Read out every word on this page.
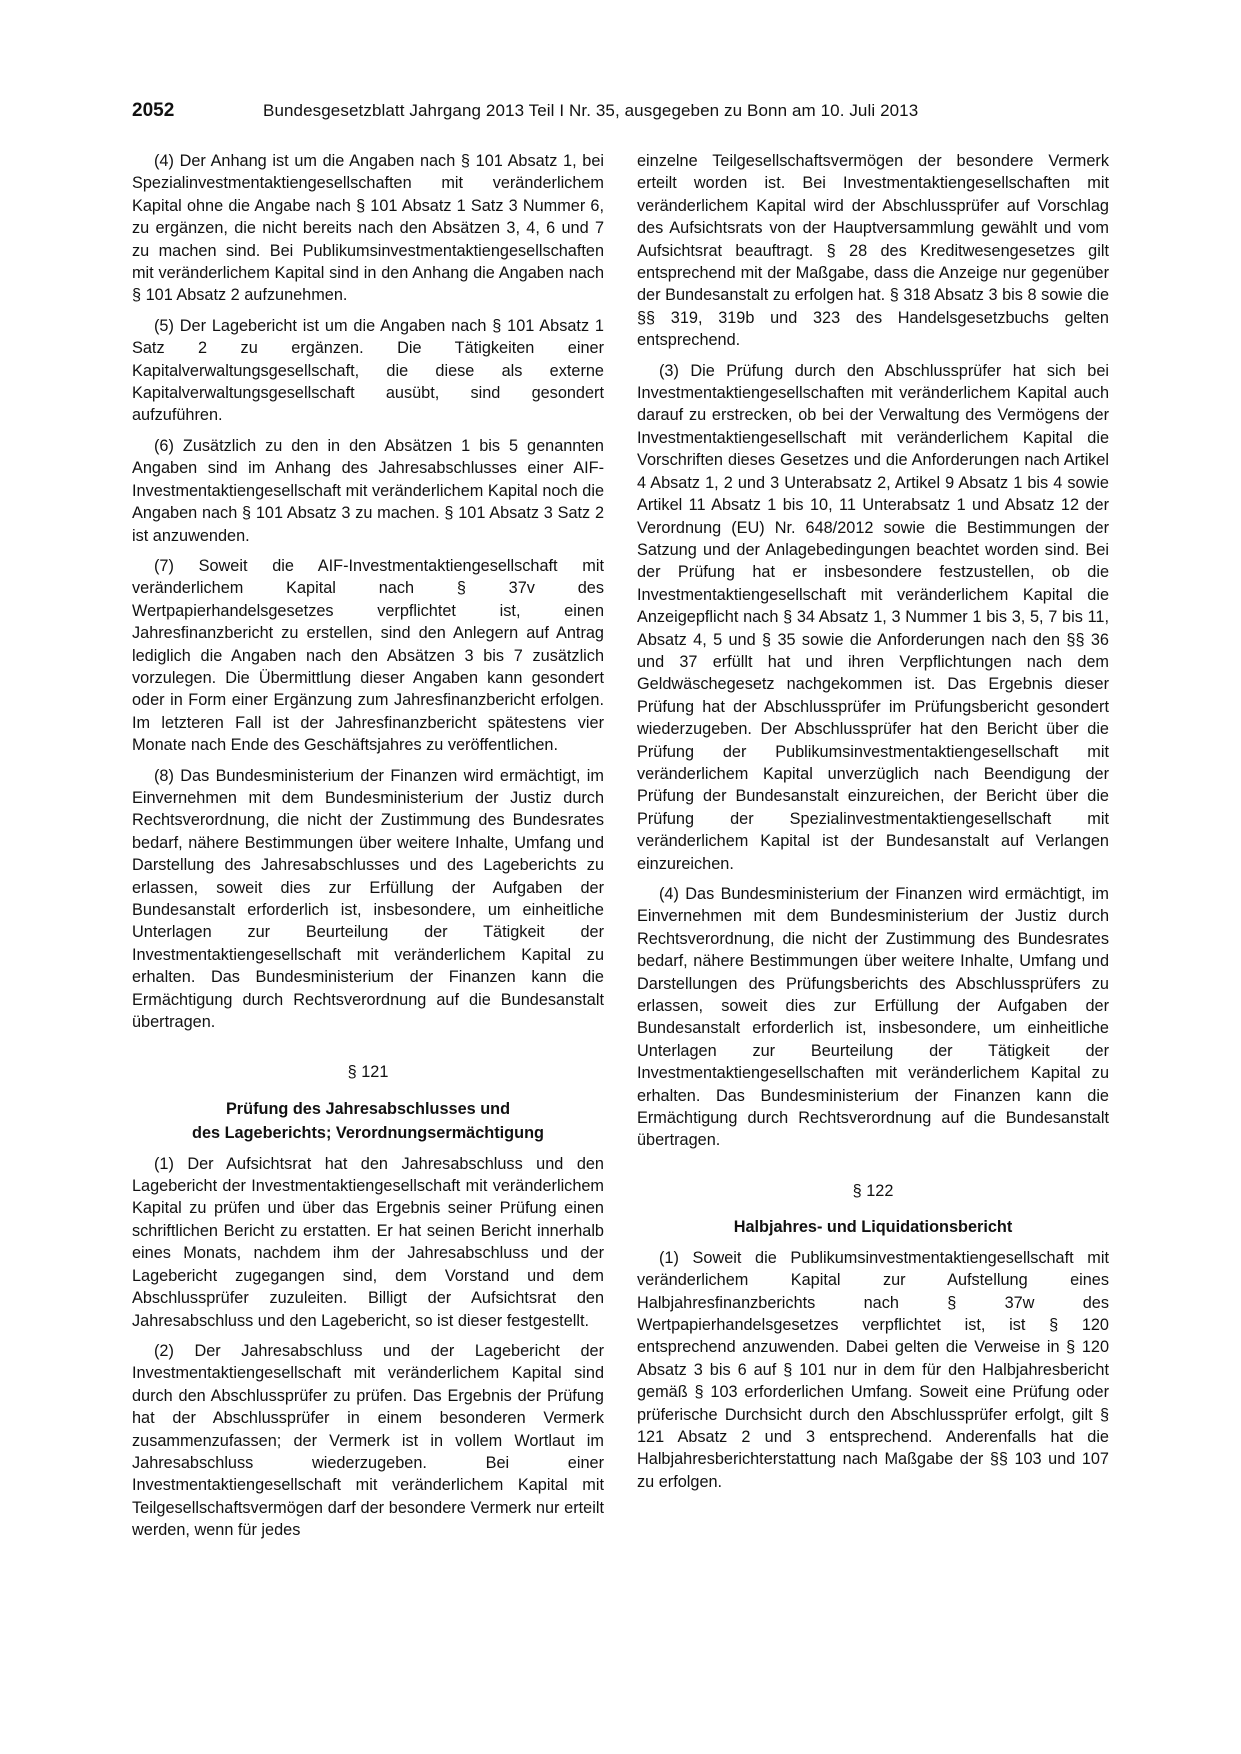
2052	Bundesgesetzblatt Jahrgang 2013 Teil I Nr. 35, ausgegeben zu Bonn am 10. Juli 2013

(4) Der Anhang ist um die Angaben nach § 101 Absatz 1, bei Spezialinvestmentaktiengesellschaften mit veränderlichem Kapital ohne die Angabe nach § 101 Absatz 1 Satz 3 Nummer 6, zu ergänzen, die nicht bereits nach den Absätzen 3, 4, 6 und 7 zu machen sind. Bei Publikumsinvestmentaktiengesellschaften mit veränderlichem Kapital sind in den Anhang die Angaben nach § 101 Absatz 2 aufzunehmen.

(5) Der Lagebericht ist um die Angaben nach § 101 Absatz 1 Satz 2 zu ergänzen. Die Tätigkeiten einer Kapitalverwaltungsgesellschaft, die diese als externe Kapitalverwaltungsgesellschaft ausübt, sind gesondert aufzuführen.

(6) Zusätzlich zu den in den Absätzen 1 bis 5 genannten Angaben sind im Anhang des Jahresabschlusses einer AIF-Investmentaktiengesellschaft mit veränderlichem Kapital noch die Angaben nach § 101 Absatz 3 zu machen. § 101 Absatz 3 Satz 2 ist anzuwenden.

(7) Soweit die AIF-Investmentaktiengesellschaft mit veränderlichem Kapital nach § 37v des Wertpapierhandelsgesetzes verpflichtet ist, einen Jahresfinanzbericht zu erstellen, sind den Anlegern auf Antrag lediglich die Angaben nach den Absätzen 3 bis 7 zusätzlich vorzulegen. Die Übermittlung dieser Angaben kann gesondert oder in Form einer Ergänzung zum Jahresfinanzbericht erfolgen. Im letzteren Fall ist der Jahresfinanzbericht spätestens vier Monate nach Ende des Geschäftsjahres zu veröffentlichen.

(8) Das Bundesministerium der Finanzen wird ermächtigt, im Einvernehmen mit dem Bundesministerium der Justiz durch Rechtsverordnung, die nicht der Zustimmung des Bundesrates bedarf, nähere Bestimmungen über weitere Inhalte, Umfang und Darstellung des Jahresabschlusses und des Lageberichts zu erlassen, soweit dies zur Erfüllung der Aufgaben der Bundesanstalt erforderlich ist, insbesondere, um einheitliche Unterlagen zur Beurteilung der Tätigkeit der Investmentaktiengesellschaft mit veränderlichem Kapital zu erhalten. Das Bundesministerium der Finanzen kann die Ermächtigung durch Rechtsverordnung auf die Bundesanstalt übertragen.

§ 121
Prüfung des Jahresabschlusses und
des Lageberichts; Verordnungsermächtigung

(1) Der Aufsichtsrat hat den Jahresabschluss und den Lagebericht der Investmentaktiengesellschaft mit veränderlichem Kapital zu prüfen und über das Ergebnis seiner Prüfung einen schriftlichen Bericht zu erstatten. Er hat seinen Bericht innerhalb eines Monats, nachdem ihm der Jahresabschluss und der Lagebericht zugegangen sind, dem Vorstand und dem Abschlussprüfer zuzuleiten. Billigt der Aufsichtsrat den Jahresabschluss und den Lagebericht, so ist dieser festgestellt.

(2) Der Jahresabschluss und der Lagebericht der Investmentaktiengesellschaft mit veränderlichem Kapital sind durch den Abschlussprüfer zu prüfen. Das Ergebnis der Prüfung hat der Abschlussprüfer in einem besonderen Vermerk zusammenzufassen; der Vermerk ist in vollem Wortlaut im Jahresabschluss wiederzugeben. Bei einer Investmentaktiengesellschaft mit veränderlichem Kapital mit Teilgesellschaftsvermögen darf der besondere Vermerk nur erteilt werden, wenn für jedes

einzelne Teilgesellschaftsvermögen der besondere Vermerk erteilt worden ist. Bei Investmentaktiengesellschaften mit veränderlichem Kapital wird der Abschlussprüfer auf Vorschlag des Aufsichtsrats von der Hauptversammlung gewählt und vom Aufsichtsrat beauftragt. § 28 des Kreditwesengesetzes gilt entsprechend mit der Maßgabe, dass die Anzeige nur gegenüber der Bundesanstalt zu erfolgen hat. § 318 Absatz 3 bis 8 sowie die §§ 319, 319b und 323 des Handelsgesetzbuchs gelten entsprechend.

(3) Die Prüfung durch den Abschlussprüfer hat sich bei Investmentaktiengesellschaften mit veränderlichem Kapital auch darauf zu erstrecken, ob bei der Verwaltung des Vermögens der Investmentaktiengesellschaft mit veränderlichem Kapital die Vorschriften dieses Gesetzes und die Anforderungen nach Artikel 4 Absatz 1, 2 und 3 Unterabsatz 2, Artikel 9 Absatz 1 bis 4 sowie Artikel 11 Absatz 1 bis 10, 11 Unterabsatz 1 und Absatz 12 der Verordnung (EU) Nr. 648/2012 sowie die Bestimmungen der Satzung und der Anlagebedingungen beachtet worden sind. Bei der Prüfung hat er insbesondere festzustellen, ob die Investmentaktiengesellschaft mit veränderlichem Kapital die Anzeigepflicht nach § 34 Absatz 1, 3 Nummer 1 bis 3, 5, 7 bis 11, Absatz 4, 5 und § 35 sowie die Anforderungen nach den §§ 36 und 37 erfüllt hat und ihren Verpflichtungen nach dem Geldwäschegesetz nachgekommen ist. Das Ergebnis dieser Prüfung hat der Abschlussprüfer im Prüfungsbericht gesondert wiederzugeben. Der Abschlussprüfer hat den Bericht über die Prüfung der Publikumsinvestmentaktiengesellschaft mit veränderlichem Kapital unverzüglich nach Beendigung der Prüfung der Bundesanstalt einzureichen, der Bericht über die Prüfung der Spezialinvestmentaktiengesellschaft mit veränderlichem Kapital ist der Bundesanstalt auf Verlangen einzureichen.

(4) Das Bundesministerium der Finanzen wird ermächtigt, im Einvernehmen mit dem Bundesministerium der Justiz durch Rechtsverordnung, die nicht der Zustimmung des Bundesrates bedarf, nähere Bestimmungen über weitere Inhalte, Umfang und Darstellungen des Prüfungsberichts des Abschlussprüfers zu erlassen, soweit dies zur Erfüllung der Aufgaben der Bundesanstalt erforderlich ist, insbesondere, um einheitliche Unterlagen zur Beurteilung der Tätigkeit der Investmentaktiengesellschaften mit veränderlichem Kapital zu erhalten. Das Bundesministerium der Finanzen kann die Ermächtigung durch Rechtsverordnung auf die Bundesanstalt übertragen.

§ 122
Halbjahres- und Liquidationsbericht

(1) Soweit die Publikumsinvestmentaktiengesellschaft mit veränderlichem Kapital zur Aufstellung eines Halbjahresfinanzberichts nach § 37w des Wertpapierhandelsgesetzes verpflichtet ist, ist § 120 entsprechend anzuwenden. Dabei gelten die Verweise in § 120 Absatz 3 bis 6 auf § 101 nur in dem für den Halbjahresbericht gemäß § 103 erforderlichen Umfang. Soweit eine Prüfung oder prüferische Durchsicht durch den Abschlussprüfer erfolgt, gilt § 121 Absatz 2 und 3 entsprechend. Anderenfalls hat die Halbjahresberichterstattung nach Maßgabe der §§ 103 und 107 zu erfolgen.
